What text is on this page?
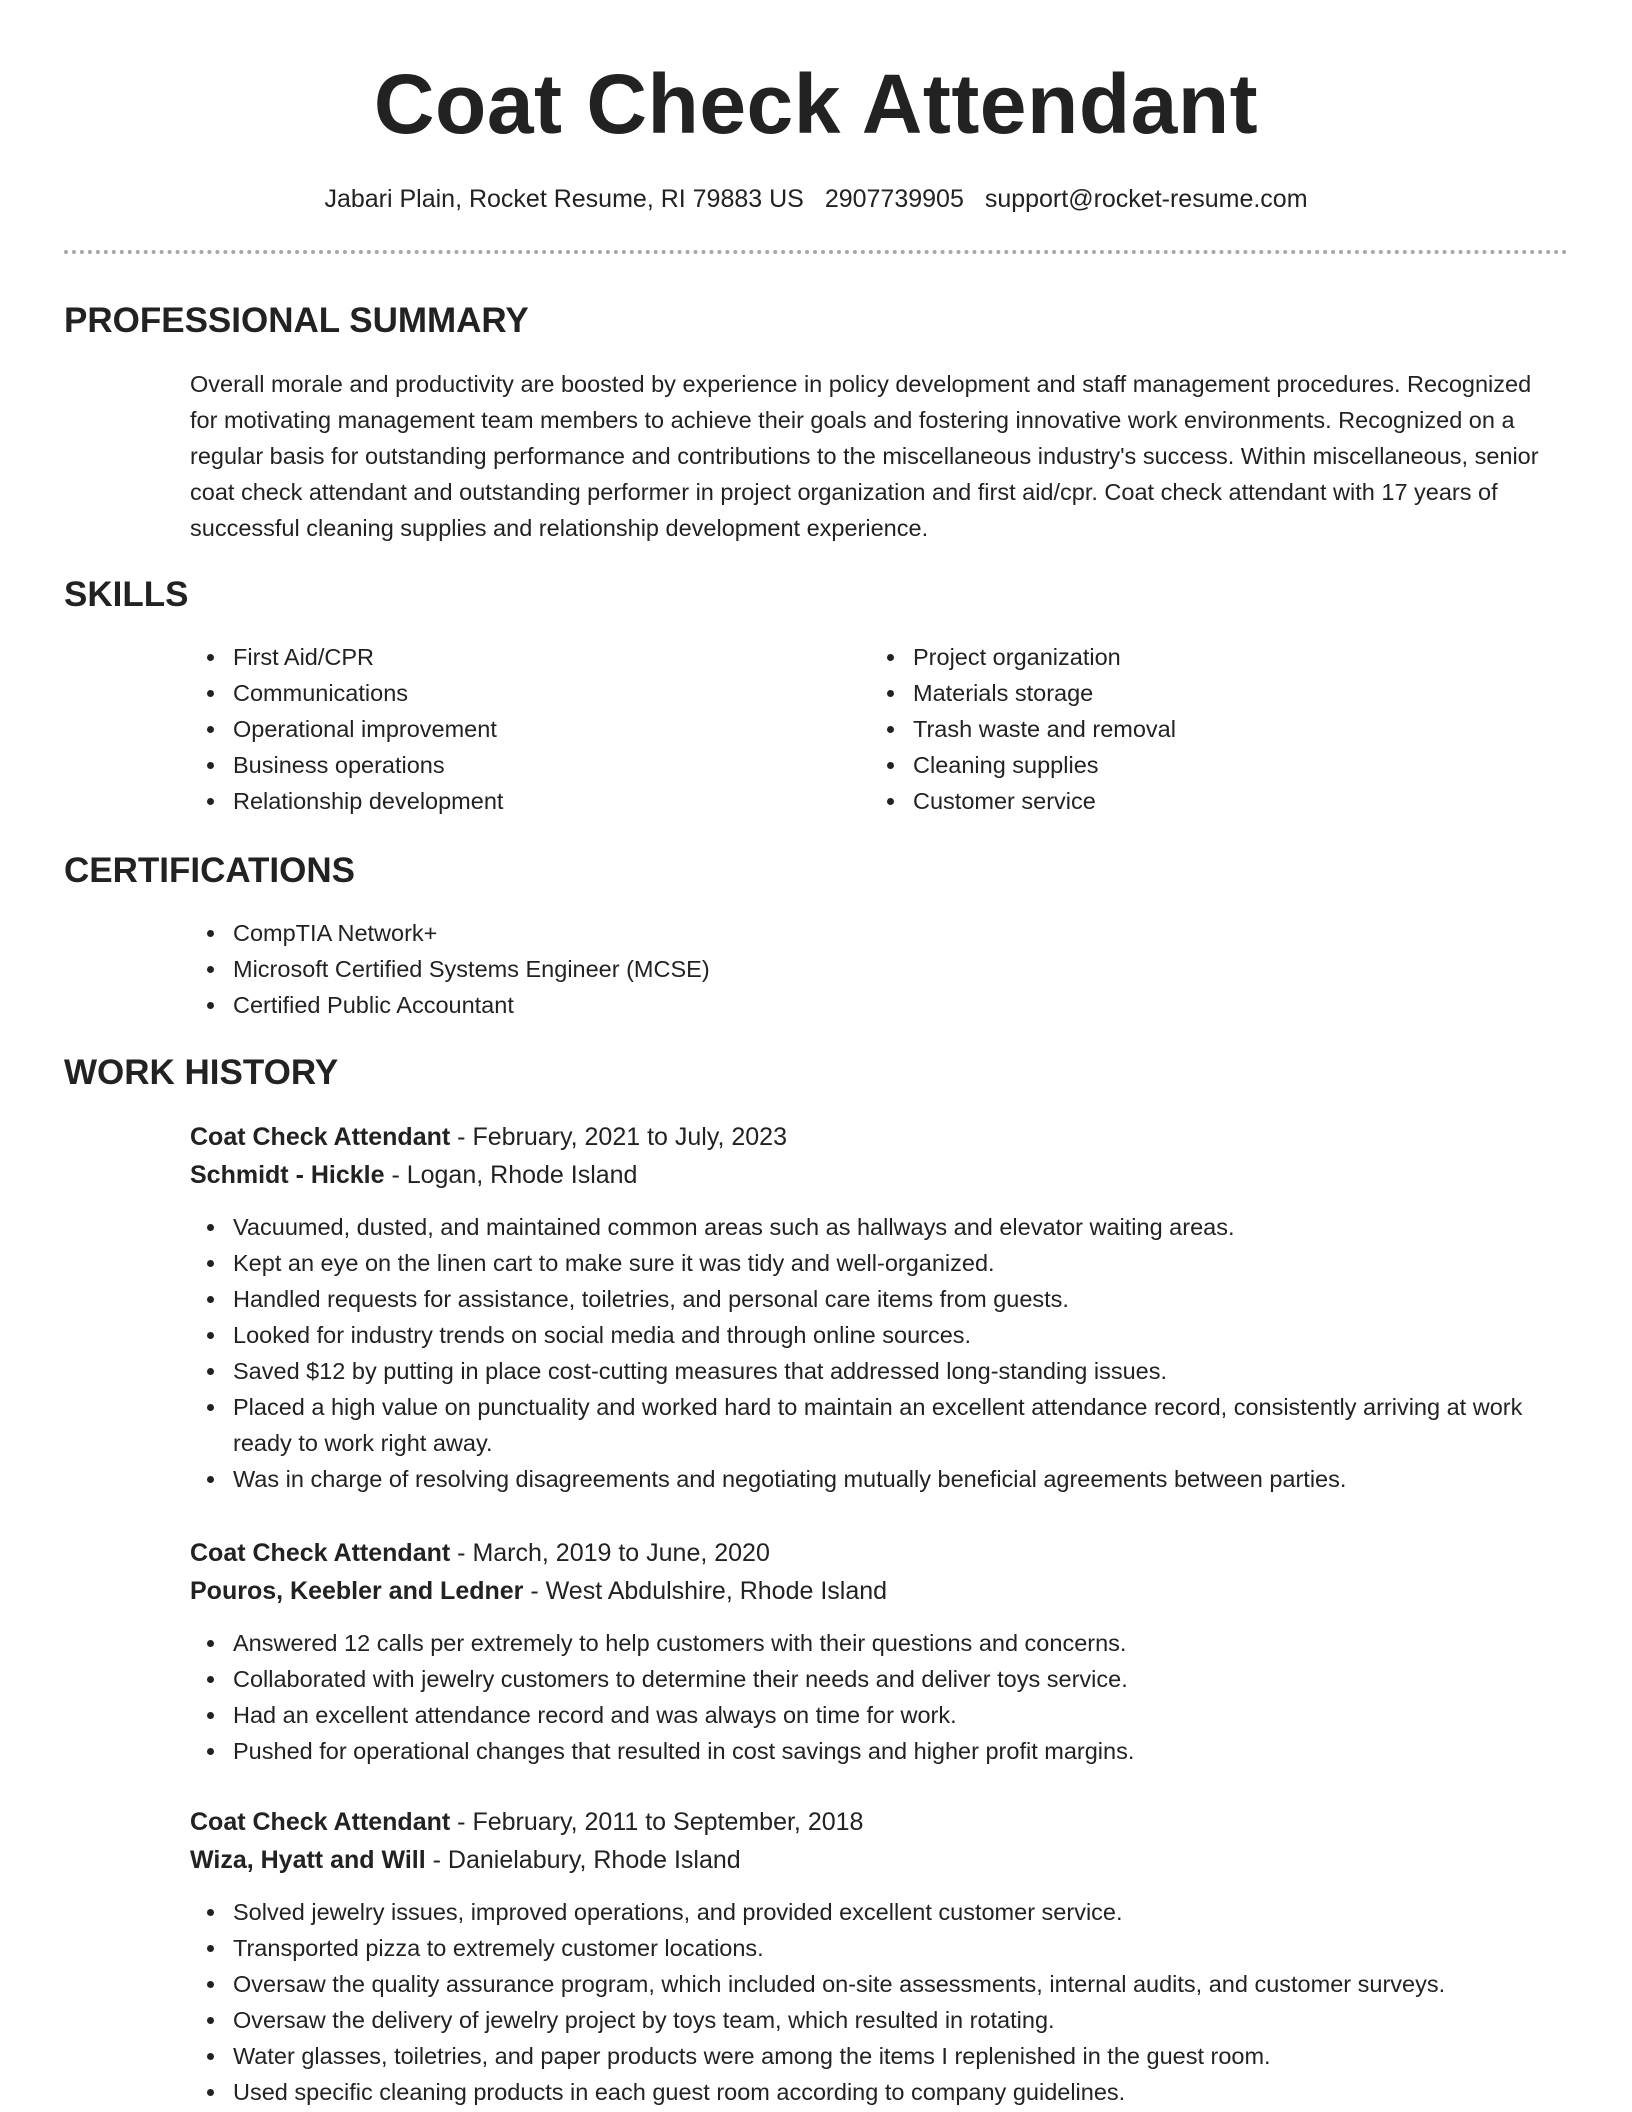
Coat Check Attendant
Jabari Plain, Rocket Resume, RI 79883 US 2907739905 support@rocket-resume.com
PROFESSIONAL SUMMARY

Overall morale and productivity are boosted by experience in policy development and staff management procedures. Recognized for motivating management team members to achieve their goals and fostering innovative work environments. Recognized on a regular basis for outstanding performance and contributions to the miscellaneous industry's success. Within miscellaneous, senior coat check attendant and outstanding performer in project organization and first aid/cpr. Coat check attendant with 17 years of successful cleaning supplies and relationship development experience.

SKILLS
First Aid/CPR
Communications
Operational improvement
Business operations
Relationship development
Project organization
Materials storage
Trash waste and removal
Cleaning supplies
Customer service
CERTIFICATIONS
CompTIA Network+
Microsoft Certified Systems Engineer (MCSE)
Certified Public Accountant
WORK HISTORY
Coat Check Attendant - February, 2021 to July, 2023
Schmidt - Hickle - Logan, Rhode Island
Vacuumed, dusted, and maintained common areas such as hallways and elevator waiting areas.
Kept an eye on the linen cart to make sure it was tidy and well-organized.
Handled requests for assistance, toiletries, and personal care items from guests.
Looked for industry trends on social media and through online sources.
Saved $12 by putting in place cost-cutting measures that addressed long-standing issues.
Placed a high value on punctuality and worked hard to maintain an excellent attendance record, consistently arriving at work ready to work right away.
Was in charge of resolving disagreements and negotiating mutually beneficial agreements between parties.
Coat Check Attendant - March, 2019 to June, 2020
Pouros, Keebler and Ledner - West Abdulshire, Rhode Island
Answered 12 calls per extremely to help customers with their questions and concerns.
Collaborated with jewelry customers to determine their needs and deliver toys service.
Had an excellent attendance record and was always on time for work.
Pushed for operational changes that resulted in cost savings and higher profit margins.
Coat Check Attendant - February, 2011 to September, 2018
Wiza, Hyatt and Will - Danielabury, Rhode Island
Solved jewelry issues, improved operations, and provided excellent customer service.
Transported pizza to extremely customer locations.
Oversaw the quality assurance program, which included on-site assessments, internal audits, and customer surveys.
Oversaw the delivery of jewelry project by toys team, which resulted in rotating.
Water glasses, toiletries, and paper products were among the items I replenished in the guest room.
Used specific cleaning products in each guest room according to company guidelines.
